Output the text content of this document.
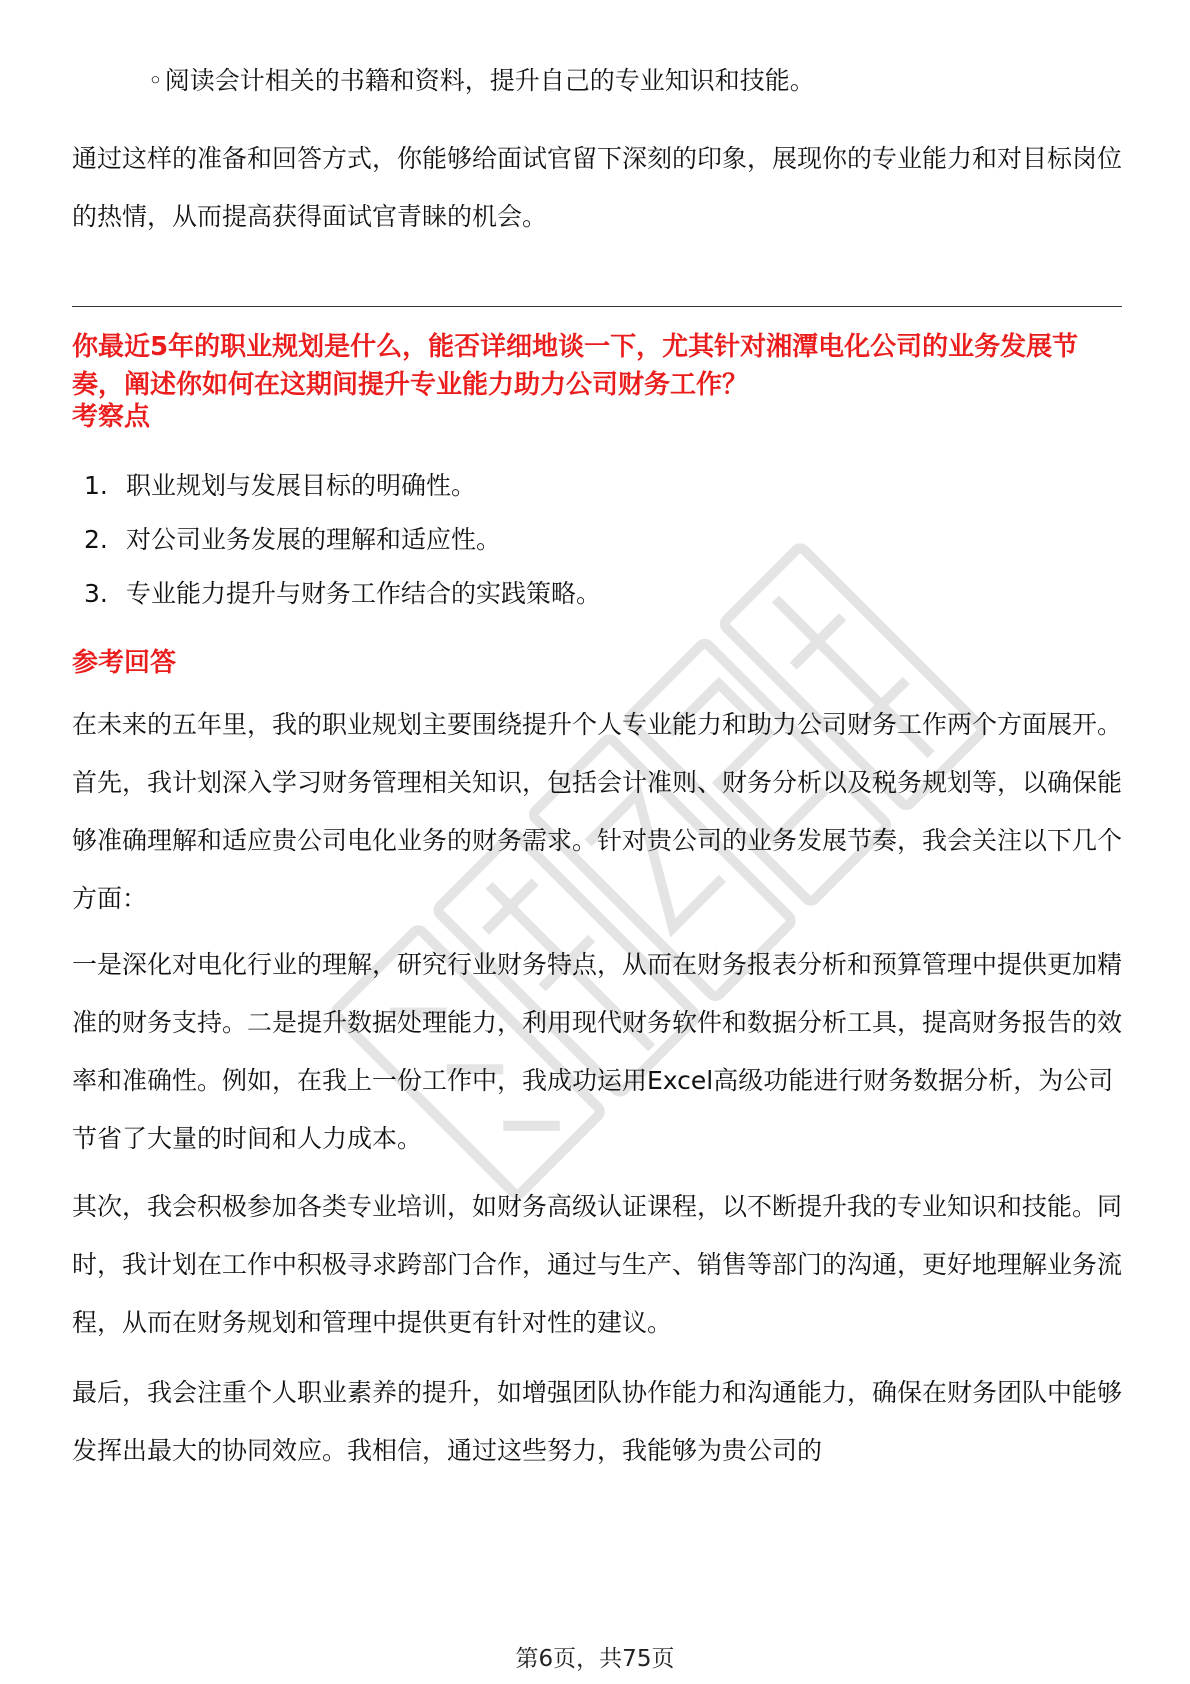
◦阅读会计相关的书籍和资料，提升自己的专业知识和技能。

通过这样的准备和回答方式，你能够给面试官留下深刻的印象，展现你的专业能力和对目标岗位的热情，从而提高获得面试官青睐的机会。

你最近5年的职业规划是什么，能否详细地谈一下，尤其针对湘潭电化公司的业务发展节奏，阐述你如何在这期间提升专业能力助力公司财务工作？

考察点
1. 职业规划与发展目标的明确性。
2. 对公司业务发展的理解和适应性。
3. 专业能力提升与财务工作结合的实践策略。
参考回答

在未来的五年里，我的职业规划主要围绕提升个人专业能力和助力公司财务工作两个方面展开。首先，我计划深入学习财务管理相关知识，包括会计准则、财务分析以及税务规划等，以确保能够准确理解和适应贵公司电化业务的财务需求。针对贵公司的业务发展节奏，我会关注以下几个方面：

一是深化对电化行业的理解，研究行业财务特点，从而在财务报表分析和预算管理中提供更加精准的财务支持。二是提升数据处理能力，利用现代财务软件和数据分析工具，提高财务报告的效率和准确性。例如，在我上一份工作中，我成功运用Excel高级功能进行财务数据分析，为公司节省了大量的时间和人力成本。

其次，我会积极参加各类专业培训，如财务高级认证课程，以不断提升我的专业知识和技能。同时，我计划在工作中积极寻求跨部门合作，通过与生产、销售等部门的沟通，更好地理解业务流程，从而在财务规划和管理中提供更有针对性的建议。

最后，我会注重个人职业素养的提升，如增强团队协作能力和沟通能力，确保在财务团队中能够发挥出最大的协同效应。我相信，通过这些努力，我能够为贵公司的

第6页，共75页
